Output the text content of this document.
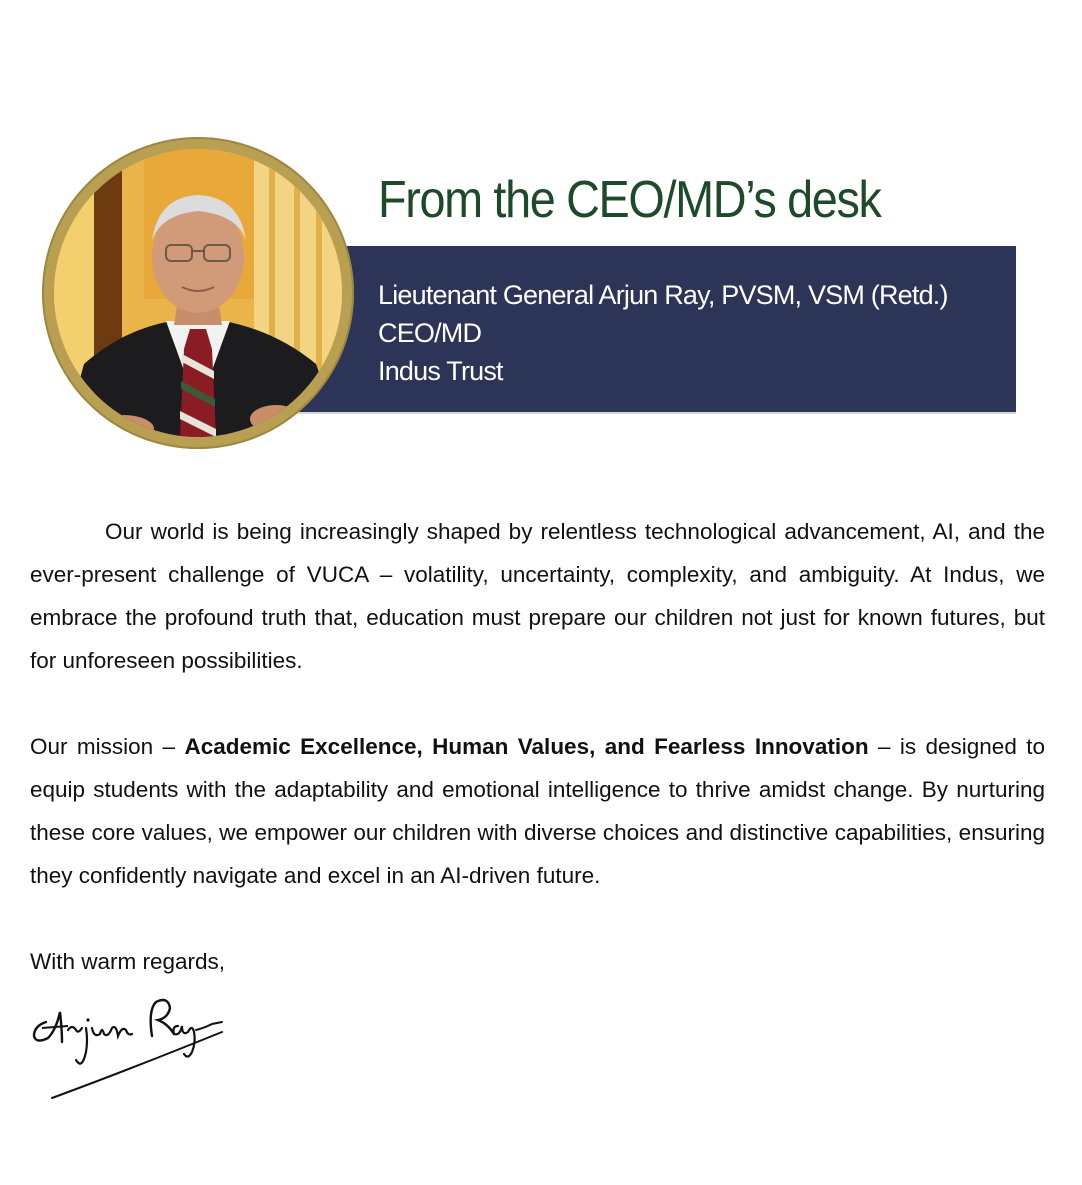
From the CEO/MD’s desk
Lieutenant General Arjun Ray, PVSM, VSM (Retd.)
CEO/MD
Indus Trust

Our world is being increasingly shaped by relentless technological advancement, AI, and the ever-present challenge of VUCA – volatility, uncertainty, complexity, and ambiguity. At Indus, we embrace the profound truth that, education must prepare our children not just for known futures, but for unforeseen possibilities.

Our mission – Academic Excellence, Human Values, and Fearless Innovation – is designed to equip students with the adaptability and emotional intelligence to thrive amidst change. By nurturing these core values, we empower our children with diverse choices and distinctive capabilities, ensuring they confidently navigate and excel in an AI-driven future.

With warm regards,
